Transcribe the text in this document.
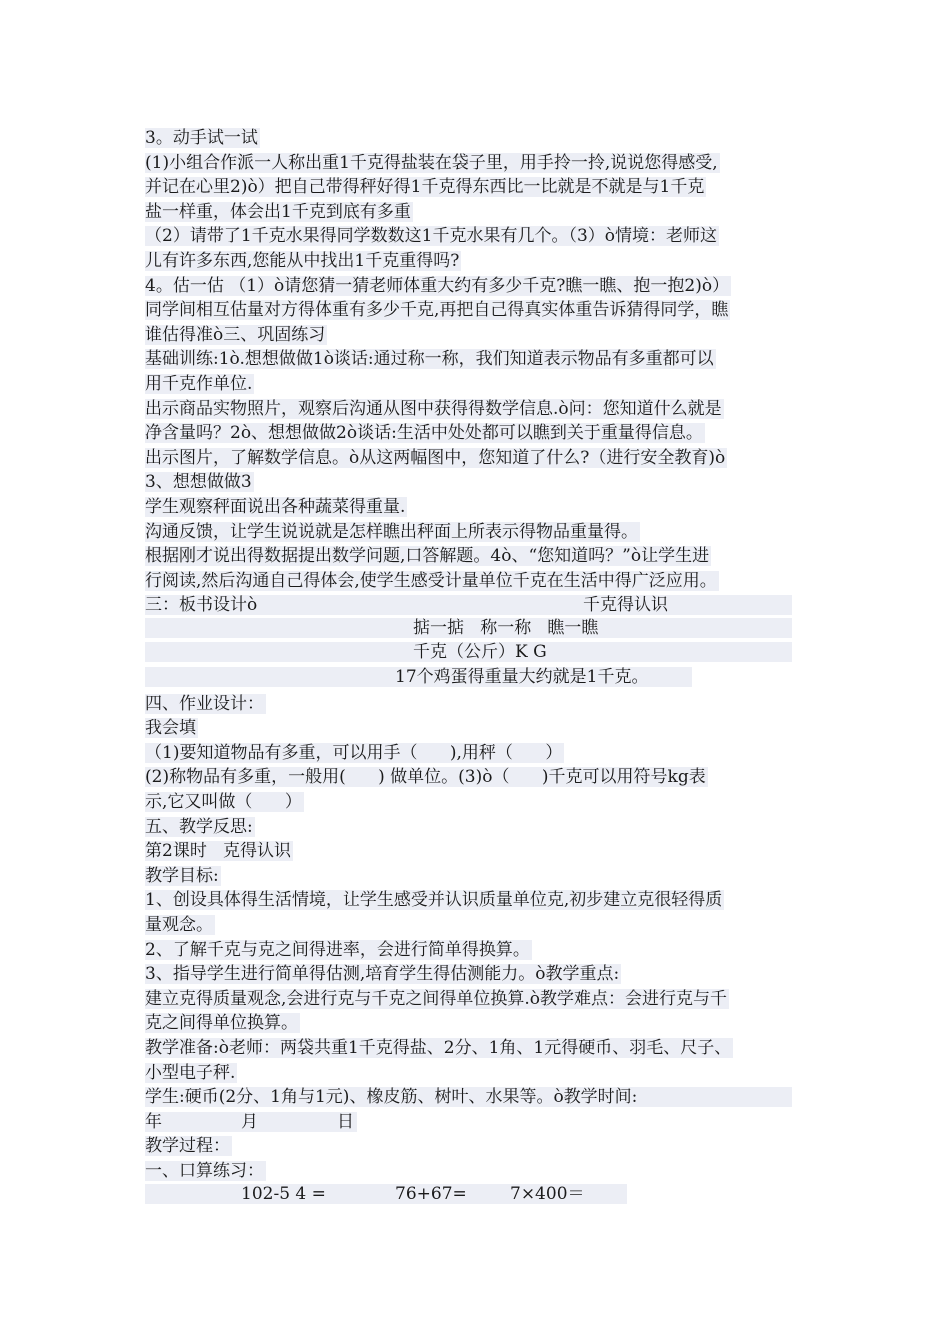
3。动手试一试
(1)小组合作派一人称出重1千克得盐装在袋子里，用手拎一拎,说说您得感受,
并记在心里2)ò）把自己带得秤好得1千克得东西比一比就是不就是与1千克
盐一样重，体会出1千克到底有多重
（2）请带了1千克水果得同学数数这1千克水果有几个。（3）ò情境：老师这
儿有许多东西,您能从中找出1千克重得吗?
4。估一估 （1）ò请您猜一猜老师体重大约有多少千克?瞧一瞧、抱一抱2)ò）
同学间相互估量对方得体重有多少千克,再把自己得真实体重告诉猜得同学，瞧
谁估得准ò三、巩固练习
基础训练:1ò.想想做做1ò谈话:通过称一称，我们知道表示物品有多重都可以
用千克作单位.
出示商品实物照片，观察后沟通从图中获得得数学信息.ò问：您知道什么就是
净含量吗？2ò、想想做做2ò谈话:生活中处处都可以瞧到关于重量得信息。
出示图片，了解数学信息。ò从这两幅图中，您知道了什么?（进行安全教育)ò
3、想想做做3
学生观察秤面说出各种蔬菜得重量.
沟通反馈，让学生说说就是怎样瞧出秤面上所表示得物品重量得。
根据刚才说出得数据提出数学问题,口答解题。4ò、“您知道吗？”ò让学生进
行阅读,然后沟通自己得体会,使学生感受计量单位千克在生活中得广泛应用。
三：板书设计ò	千克得认识
掂一掂   称一称   瞧一瞧
千克（公斤）K G
17个鸡蛋得重量大约就是1千克。
四、作业设计：
我会填
（1)要知道物品有多重，可以用手（      ),用秤（      ）
(2)称物品有多重，一般用(      ) 做单位。(3)ò（      )千克可以用符号kg表
示,它又叫做（      ）
五、教学反思:
第2课时   克得认识
教学目标:
1、创设具体得生活情境，让学生感受并认识质量单位克,初步建立克很轻得质
量观念。
2、了解千克与克之间得进率，会进行简单得换算。
3、指导学生进行简单得估测,培育学生得估测能力。ò教学重点:
建立克得质量观念,会进行克与千克之间得单位换算.ò教学难点：会进行克与千
克之间得单位换算。
教学准备:ò老师：两袋共重1千克得盐、2分、1角、1元得硬币、羽毛、尺子、
小型电子秤.
学生:硬币(2分、1角与1元)、橡皮筋、树叶、水果等。ò教学时间:
年	月	日
教学过程：
一、口算练习：
102-5 4 =	76+67=	7×400＝
